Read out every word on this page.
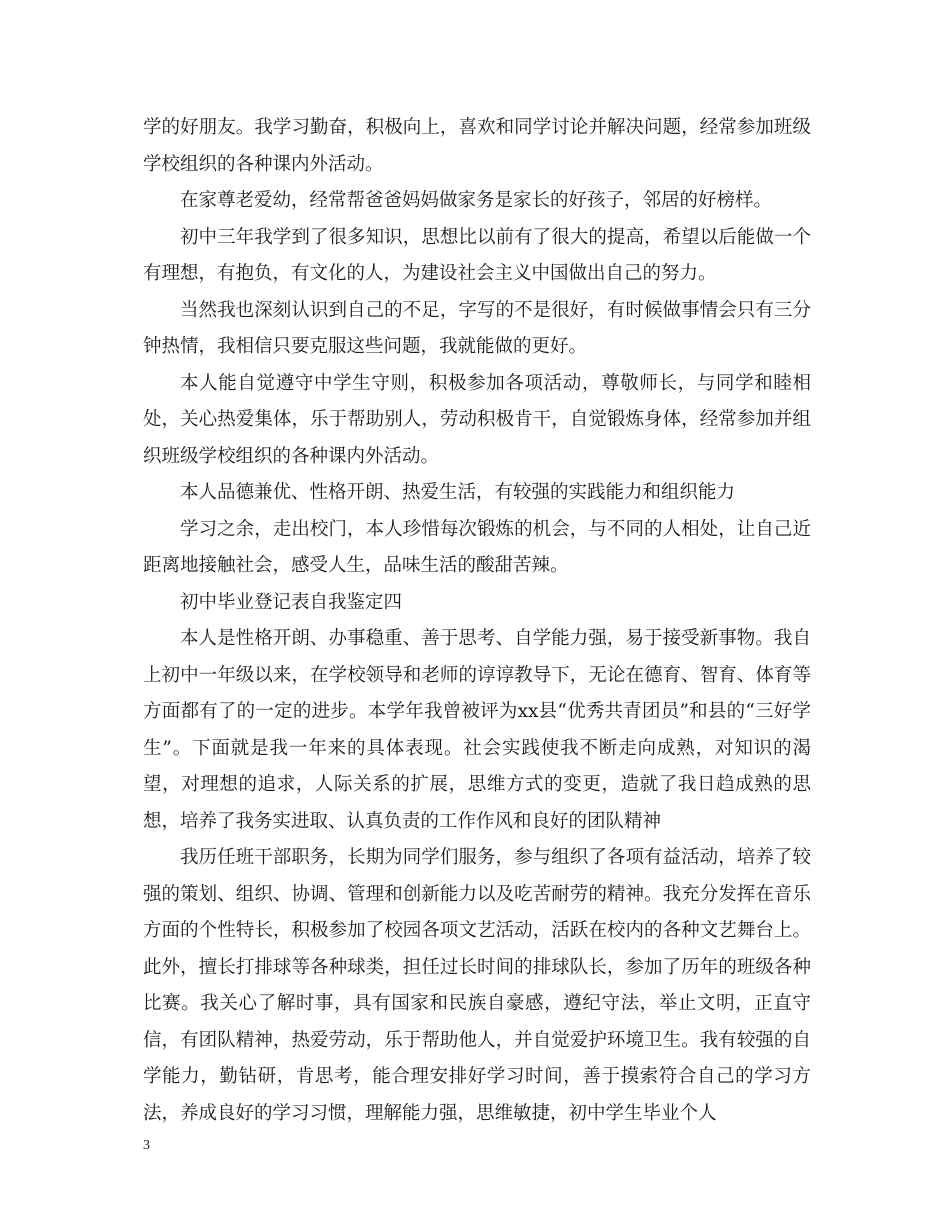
学的好朋友。我学习勤奋，积极向上，喜欢和同学讨论并解决问题，经常参加班级学校组织的各种课内外活动。

在家尊老爱幼，经常帮爸爸妈妈做家务是家长的好孩子，邻居的好榜样。

初中三年我学到了很多知识，思想比以前有了很大的提高，希望以后能做一个有理想，有抱负，有文化的人，为建设社会主义中国做出自己的努力。

当然我也深刻认识到自己的不足，字写的不是很好，有时候做事情会只有三分钟热情，我相信只要克服这些问题，我就能做的更好。

本人能自觉遵守中学生守则，积极参加各项活动，尊敬师长，与同学和睦相处，关心热爱集体，乐于帮助别人，劳动积极肯干，自觉锻炼身体，经常参加并组织班级学校组织的各种课内外活动。

本人品德兼优、性格开朗、热爱生活，有较强的实践能力和组织能力

学习之余，走出校门，本人珍惜每次锻炼的机会，与不同的人相处，让自己近距离地接触社会，感受人生，品味生活的酸甜苦辣。

初中毕业登记表自我鉴定四

本人是性格开朗、办事稳重、善于思考、自学能力强，易于接受新事物。我自上初中一年级以来，在学校领导和老师的谆谆教导下，无论在德育、智育、体育等方面都有了的一定的进步。本学年我曾被评为xx县“优秀共青团员”和县的“三好学生”。下面就是我一年来的具体表现。社会实践使我不断走向成熟，对知识的渴望，对理想的追求，人际关系的扩展，思维方式的变更，造就了我日趋成熟的思想，培养了我务实进取、认真负责的工作作风和良好的团队精神

我历任班干部职务，长期为同学们服务，参与组织了各项有益活动，培养了较强的策划、组织、协调、管理和创新能力以及吃苦耐劳的精神。我充分发挥在音乐方面的个性特长，积极参加了校园各项文艺活动，活跃在校内的各种文艺舞台上。此外，擅长打排球等各种球类，担任过长时间的排球队长，参加了历年的班级各种比赛。我关心了解时事，具有国家和民族自豪感，遵纪守法，举止文明，正直守信，有团队精神，热爱劳动，乐于帮助他人，并自觉爱护环境卫生。我有较强的自学能力，勤钻研，肯思考，能合理安排好学习时间，善于摸索符合自己的学习方法，养成良好的学习习惯，理解能力强，思维敏捷，初中学生毕业个人

3
